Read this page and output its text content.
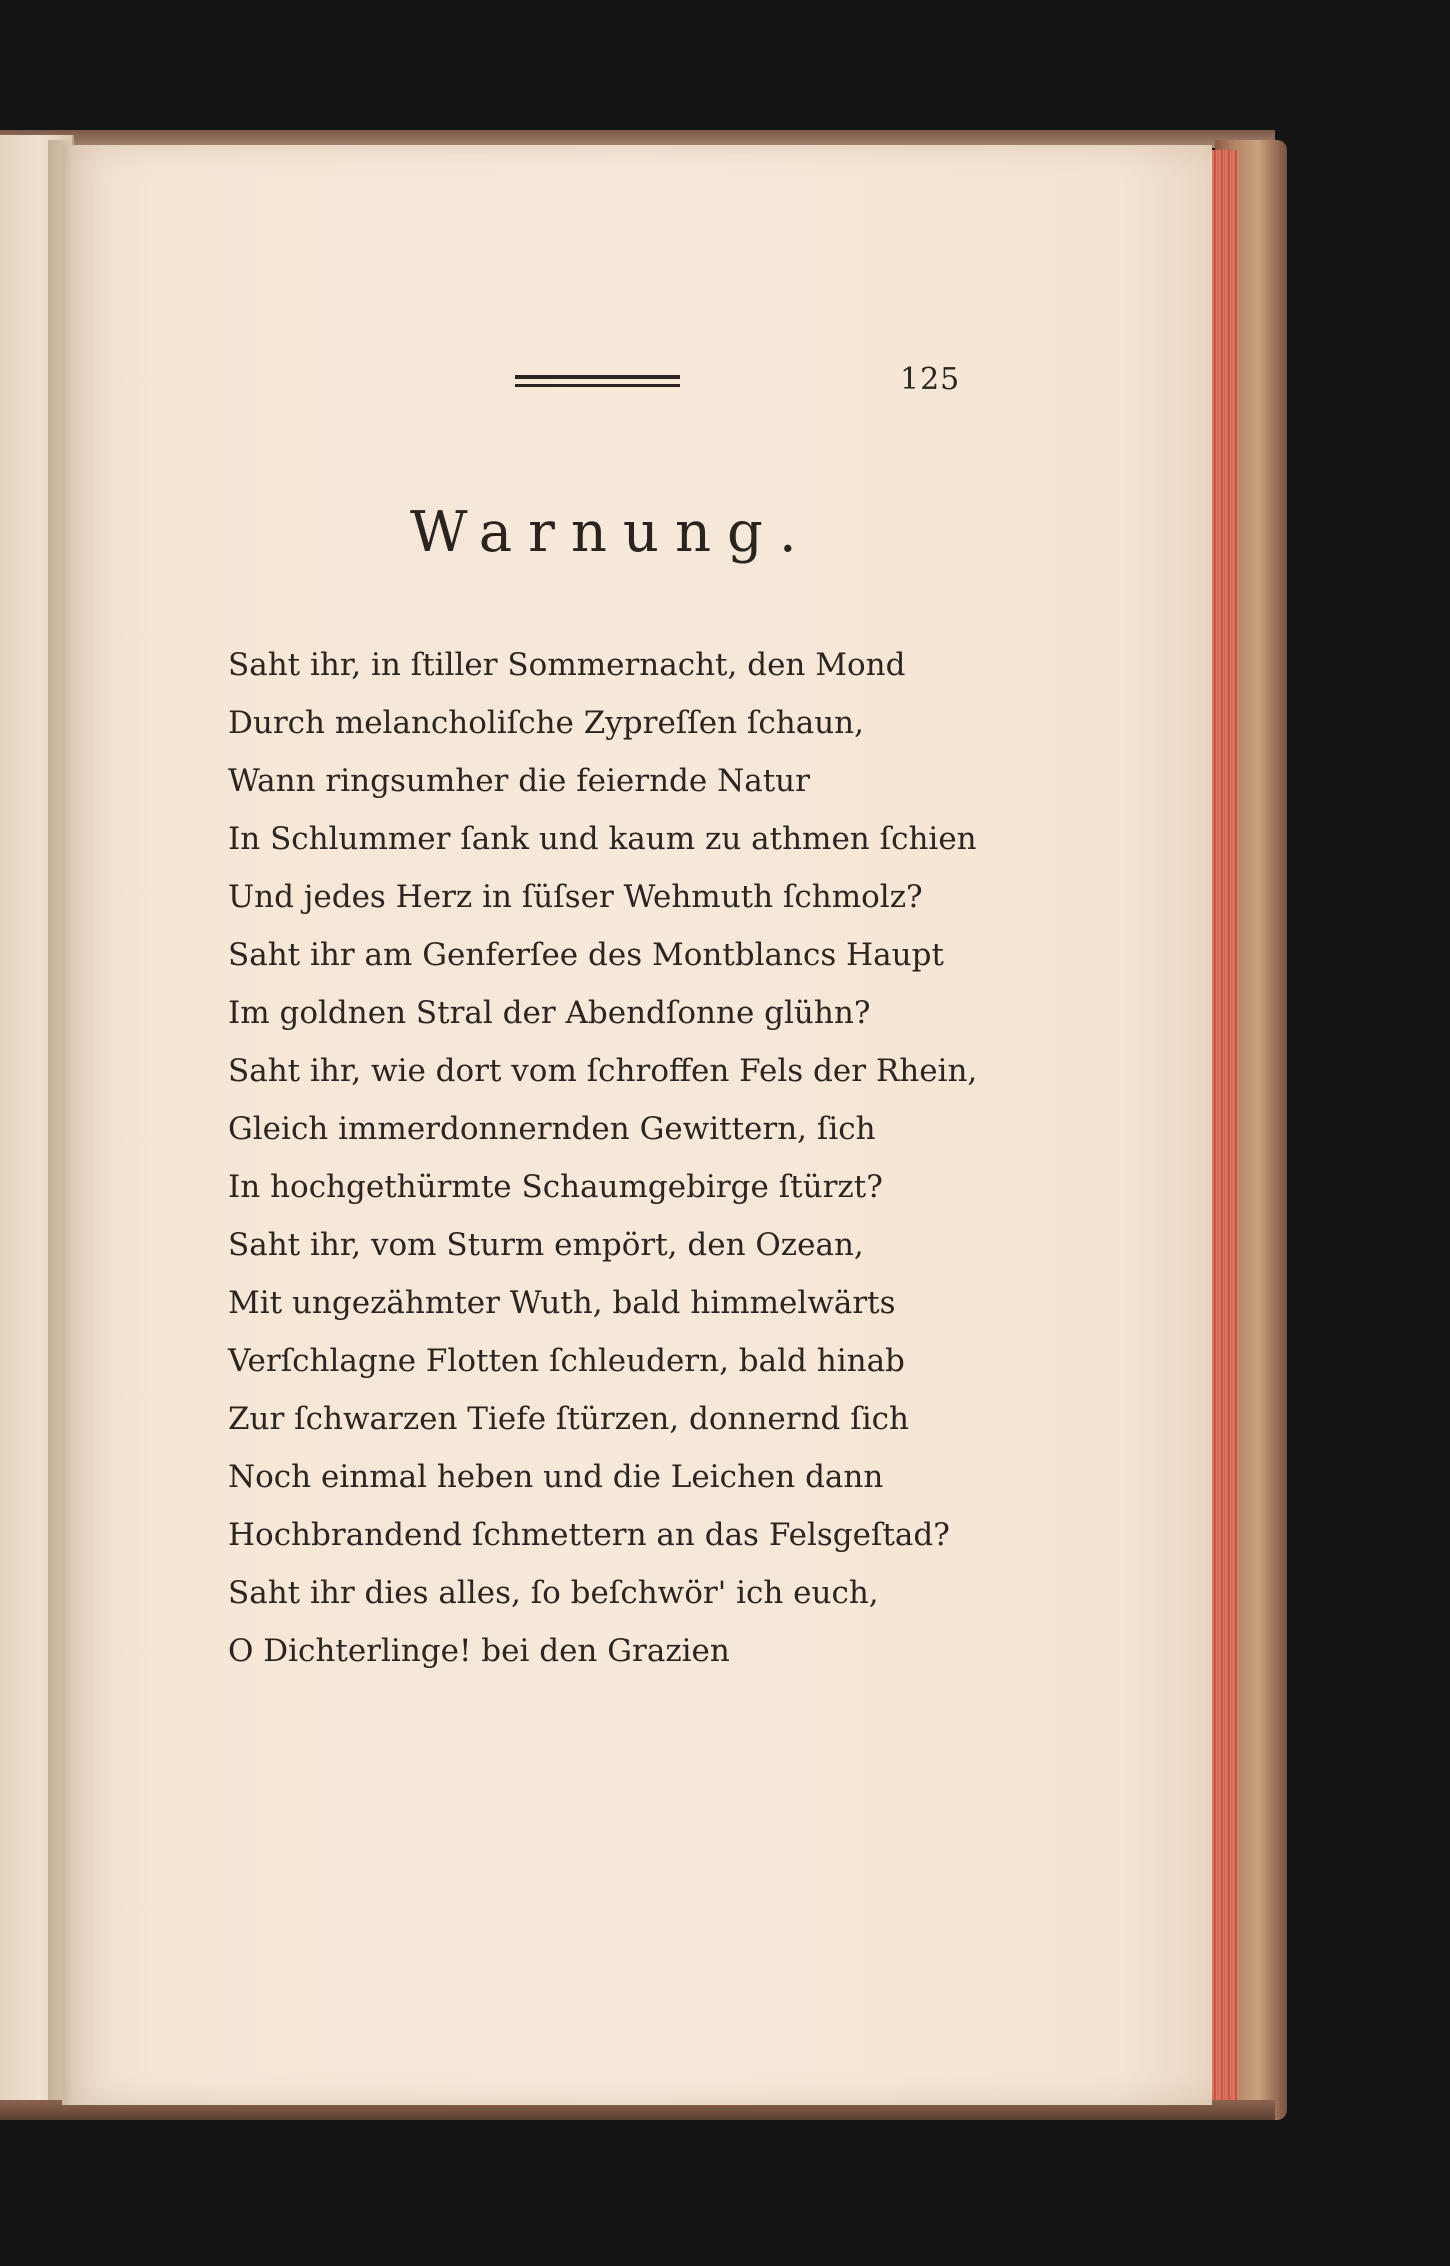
125
Warnung.
Saht ihr, in ſtiller Sommernacht, den Mond
Durch melancholiſche Zypreſſen ſchaun,
Wann ringsumher die feiernde Natur
In Schlummer ſank und kaum zu athmen ſchien
Und jedes Herz in ſüſser Wehmuth ſchmolz?
Saht ihr am Genferſee des Montblancs Haupt
Im goldnen Stral der Abendſonne glühn?
Saht ihr, wie dort vom ſchroffen Fels der Rhein,
Gleich immerdonnernden Gewittern, ſich
In hochgethürmte Schaumgebirge ſtürzt?
Saht ihr, vom Sturm empört, den Ozean,
Mit ungezähmter Wuth, bald himmelwärts
Verſchlagne Flotten ſchleudern, bald hinab
Zur ſchwarzen Tiefe ſtürzen, donnernd ſich
Noch einmal heben und die Leichen dann
Hochbrandend ſchmettern an das Felsgeſtad?
Saht ihr dies alles, ſo beſchwör' ich euch,
O Dichterlinge! bei den Grazien
